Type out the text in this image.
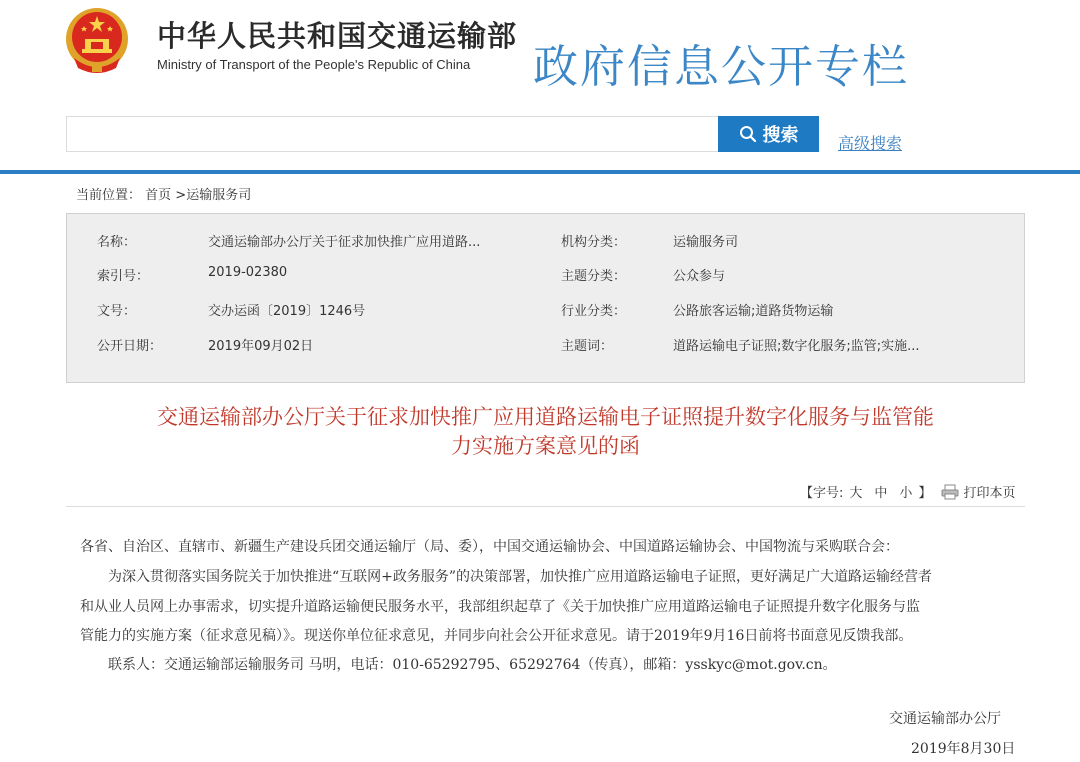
中华人民共和国交通运输部
Ministry of Transport of the People's Republic of China 政府信息公开专栏
搜索 高级搜索
当前位置： 首页 >运输服务司
名称：	交通运输部办公厅关于征求加快推广应用道路...	机构分类：	运输服务司
索引号：	2019-02380	主题分类：	公众参与
文号：	交办运函〔2019〕1246号	行业分类：	公路旅客运输;道路货物运输
公开日期：	2019年09月02日	主题词：	道路运输电子证照;数字化服务;监管;实施...
交通运输部办公厅关于征求加快推广应用道路运输电子证照提升数字化服务与监管能
力实施方案意见的函
【字号: 大 中 小 】 打印本页
各省、自治区、直辖市、新疆生产建设兵团交通运输厅（局、委），中国交通运输协会、中国道路运输协会、中国物流与采购联合会：
为深入贯彻落实国务院关于加快推进“互联网+政务服务”的决策部署，加快推广应用道路运输电子证照，更好满足广大道路运输经营者
和从业人员网上办事需求，切实提升道路运输便民服务水平，我部组织起草了《关于加快推广应用道路运输电子证照提升数字化服务与监
管能力的实施方案（征求意见稿）》。现送你单位征求意见，并同步向社会公开征求意见。请于2019年9月16日前将书面意见反馈我部。
联系人：交通运输部运输服务司 马明，电话：010-65292795、65292764（传真），邮箱：ysskyc@mot.gov.cn。
交通运输部办公厅
2019年8月30日
